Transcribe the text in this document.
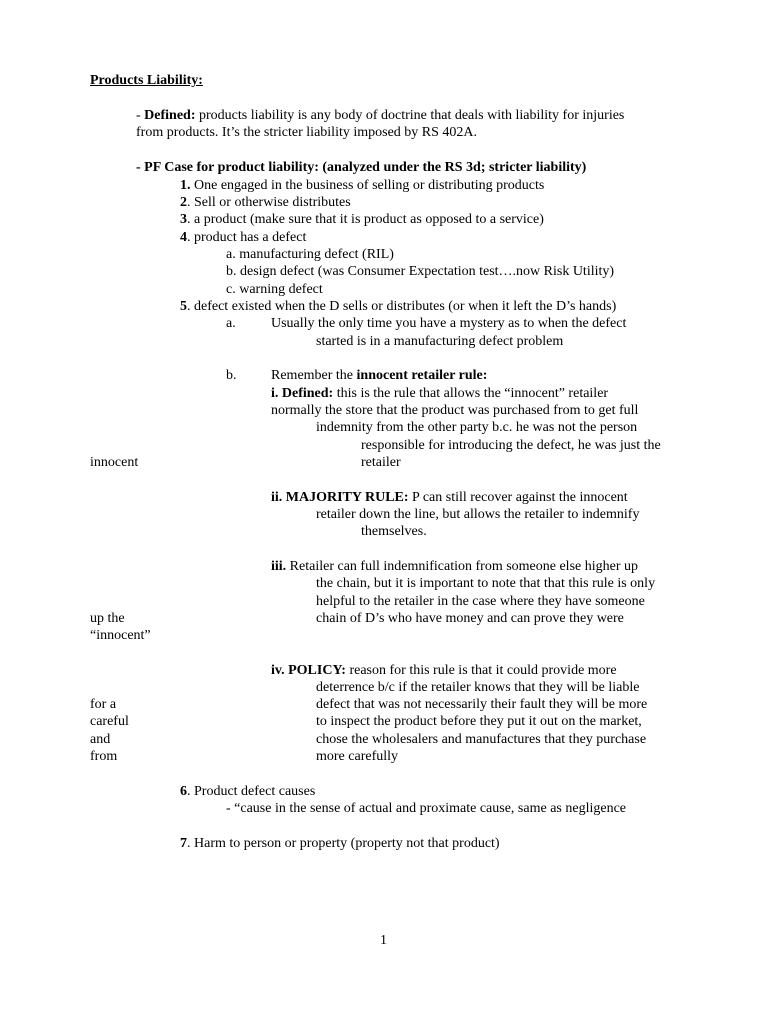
Products Liability:
- Defined: products liability is any body of doctrine that deals with liability for injuries
from products. It’s the stricter liability imposed by RS 402A.
- PF Case for product liability: (analyzed under the RS 3d; stricter liability)
1. One engaged in the business of selling or distributing products
2. Sell or otherwise distributes
3. a product (make sure that it is product as opposed to a service)
4. product has a defect
a. manufacturing defect (RIL)
b. design defect (was Consumer Expectation test….now Risk Utility)
c. warning defect
5. defect existed when the D sells or distributes (or when it left the D’s hands)
a.	Usually the only time you have a mystery as to when the defect
started is in a manufacturing defect problem
b. Remember the innocent retailer rule:
i. Defined: this is the rule that allows the “innocent” retailer
normally the store that the product was purchased from to get full
indemnity from the other party b.c. he was not the person
responsible for introducing the defect, he was just the
innocent	retailer
ii. MAJORITY RULE: P can still recover against the innocent
retailer down the line, but allows the retailer to indemnify
themselves.
iii. Retailer can full indemnification from someone else higher up
the chain, but it is important to note that that this rule is only
helpful to the retailer in the case where they have someone
up the	chain of D’s who have money and can prove they were
“innocent”
iv. POLICY: reason for this rule is that it could provide more
deterrence b/c if the retailer knows that they will be liable
for a	defect that was not necessarily their fault they will be more
careful	to inspect the product before they put it out on the market,
and	chose the wholesalers and manufactures that they purchase
from	more carefully
6. Product defect causes
- “cause in the sense of actual and proximate cause, same as negligence
7. Harm to person or property (property not that product)
1
